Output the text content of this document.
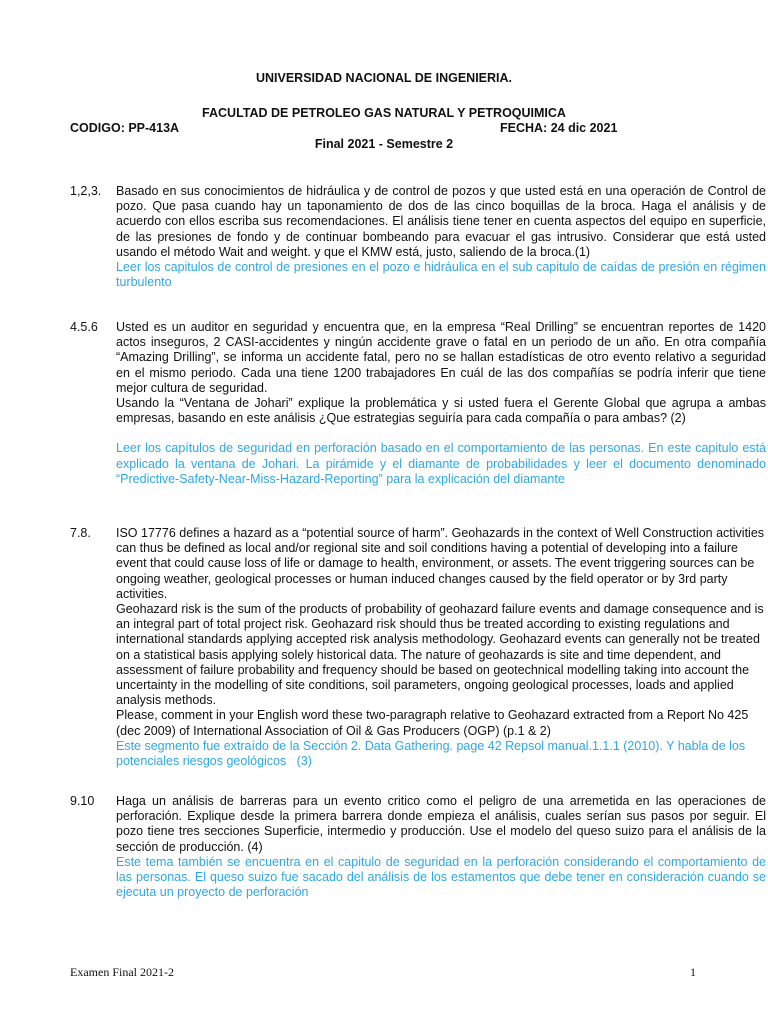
UNIVERSIDAD NACIONAL DE INGENIERIA.
FACULTAD DE PETROLEO GAS NATURAL Y PETROQUIMICA
CODIGO: PP-413A	FECHA: 24 dic 2021
Final 2021 - Semestre 2
1,2,3. Basado en sus conocimientos de hidráulica y de control de pozos y que usted está en una operación de Control de pozo. Que pasa cuando hay un taponamiento de dos de las cinco boquillas de la broca. Haga el análisis y de acuerdo con ellos escriba sus recomendaciones. El análisis tiene tener en cuenta aspectos del equipo en superficie, de las presiones de fondo y de continuar bombeando para evacuar el gas intrusivo. Considerar que está usted usando el método Wait and weight. y que el KMW está, justo, saliendo de la broca.(1)

Leer los capitulos de control de presiones en el pozo e hidráulica en el sub capitulo de caídas de presión en régimen turbulento

4.5.6 Usted es un auditor en seguridad y encuentra que, en la empresa “Real Drilling” se encuentran reportes de 1420 actos inseguros, 2 CASI-accidentes y ningún accidente grave o fatal en un periodo de un año. En otra compañía “Amazing Drilling”, se informa un accidente fatal, pero no se hallan estadísticas de otro evento relativo a seguridad en el mismo periodo. Cada una tiene 1200 trabajadores En cuál de las dos compañías se podría inferir que tiene mejor cultura de seguridad.

Usando la “Ventana de Johari” explique la problemática y si usted fuera el Gerente Global que agrupa a ambas empresas, basando en este análisis ¿Que estrategias seguiría para cada compañía o para ambas? (2)

Leer los capítulos de seguridad en perforación basado en el comportamiento de las personas. En este capitulo está explicado la ventana de Johari. La pirámide y el diamante de probabilidades y leer el documento denominado “Predictive-Safety-Near-Miss-Hazard-Reporting” para la explicación del diamante

7.8. ISO 17776 defines a hazard as a “potential source of harm”. Geohazards in the context of Well Construction activities can thus be defined as local and/or regional site and soil conditions having a potential of developing into a failure event that could cause loss of life or damage to health, environment, or assets. The event triggering sources can be ongoing weather, geological processes or human induced changes caused by the field operator or by 3rd party activities.

Geohazard risk is the sum of the products of probability of geohazard failure events and damage consequence and is an integral part of total project risk. Geohazard risk should thus be treated according to existing regulations and international standards applying accepted risk analysis methodology. Geohazard events can generally not be treated on a statistical basis applying solely historical data. The nature of geohazards is site and time dependent, and assessment of failure probability and frequency should be based on geotechnical modelling taking into account the uncertainty in the modelling of site conditions, soil parameters, ongoing geological processes, loads and applied analysis methods.

Please, comment in your English word these two-paragraph relative to Geohazard extracted from a Report No 425 (dec 2009) of International Association of Oil & Gas Producers (OGP) (p.1 & 2)

Este segmento fue extraído de la Sección 2. Data Gathering. page 42 Repsol manual.1.1.1 (2010). Y habla de los potenciales riesgos geológicos   (3)

9.10 Haga un análisis de barreras para un evento critico como el peligro de una arremetida en las operaciones de perforación. Explique desde la primera barrera donde empieza el análisis, cuales serían sus pasos por seguir. El pozo tiene tres secciones Superficie, intermedio y producción. Use el modelo del queso suizo para el análisis de la sección de producción. (4)

Este tema también se encuentra en el capitulo de seguridad en la perforación considerando el comportamiento de las personas. El queso suizo fue sacado del análisis de los estamentos que debe tener en consideración cuando se ejecuta un proyecto de perforación

Examen Final 2021-2	1
